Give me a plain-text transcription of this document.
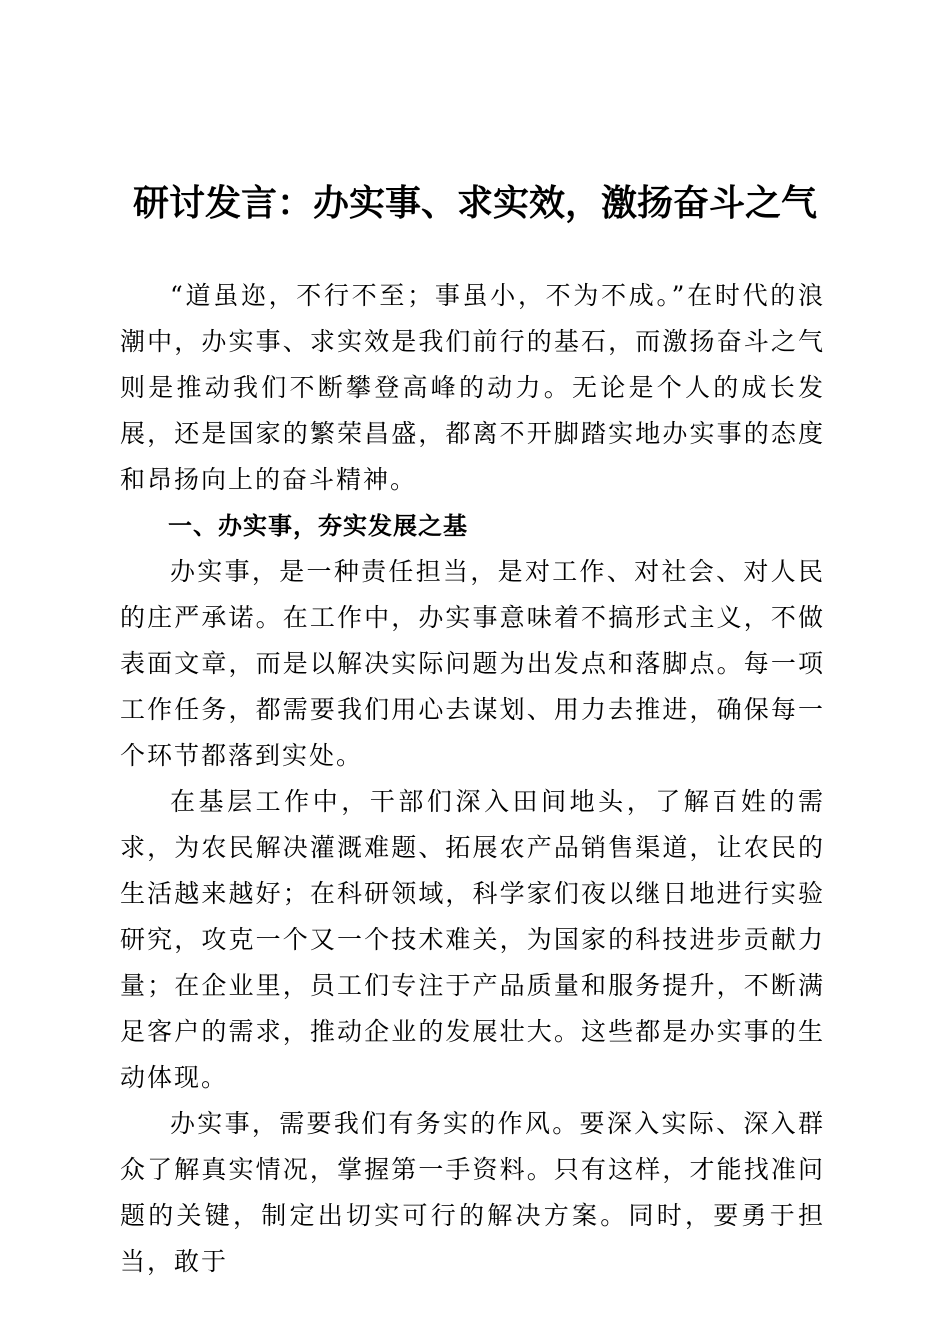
研讨发言：办实事、求实效，激扬奋斗之气

“道虽迩，不行不至；事虽小，不为不成。”在时代的浪潮中，办实事、求实效是我们前行的基石，而激扬奋斗之气则是推动我们不断攀登高峰的动力。无论是个人的成长发展，还是国家的繁荣昌盛，都离不开脚踏实地办实事的态度和昂扬向上的奋斗精神。

一、办实事，夯实发展之基

办实事，是一种责任担当，是对工作、对社会、对人民的庄严承诺。在工作中，办实事意味着不搞形式主义，不做表面文章，而是以解决实际问题为出发点和落脚点。每一项工作任务，都需要我们用心去谋划、用力去推进，确保每一个环节都落到实处。

在基层工作中，干部们深入田间地头，了解百姓的需求，为农民解决灌溉难题、拓展农产品销售渠道，让农民的生活越来越好；在科研领域，科学家们夜以继日地进行实验研究，攻克一个又一个技术难关，为国家的科技进步贡献力量；在企业里，员工们专注于产品质量和服务提升，不断满足客户的需求，推动企业的发展壮大。这些都是办实事的生动体现。

办实事，需要我们有务实的作风。要深入实际、深入群众了解真实情况，掌握第一手资料。只有这样，才能找准问题的关键，制定出切实可行的解决方案。同时，要勇于担当，敢于
